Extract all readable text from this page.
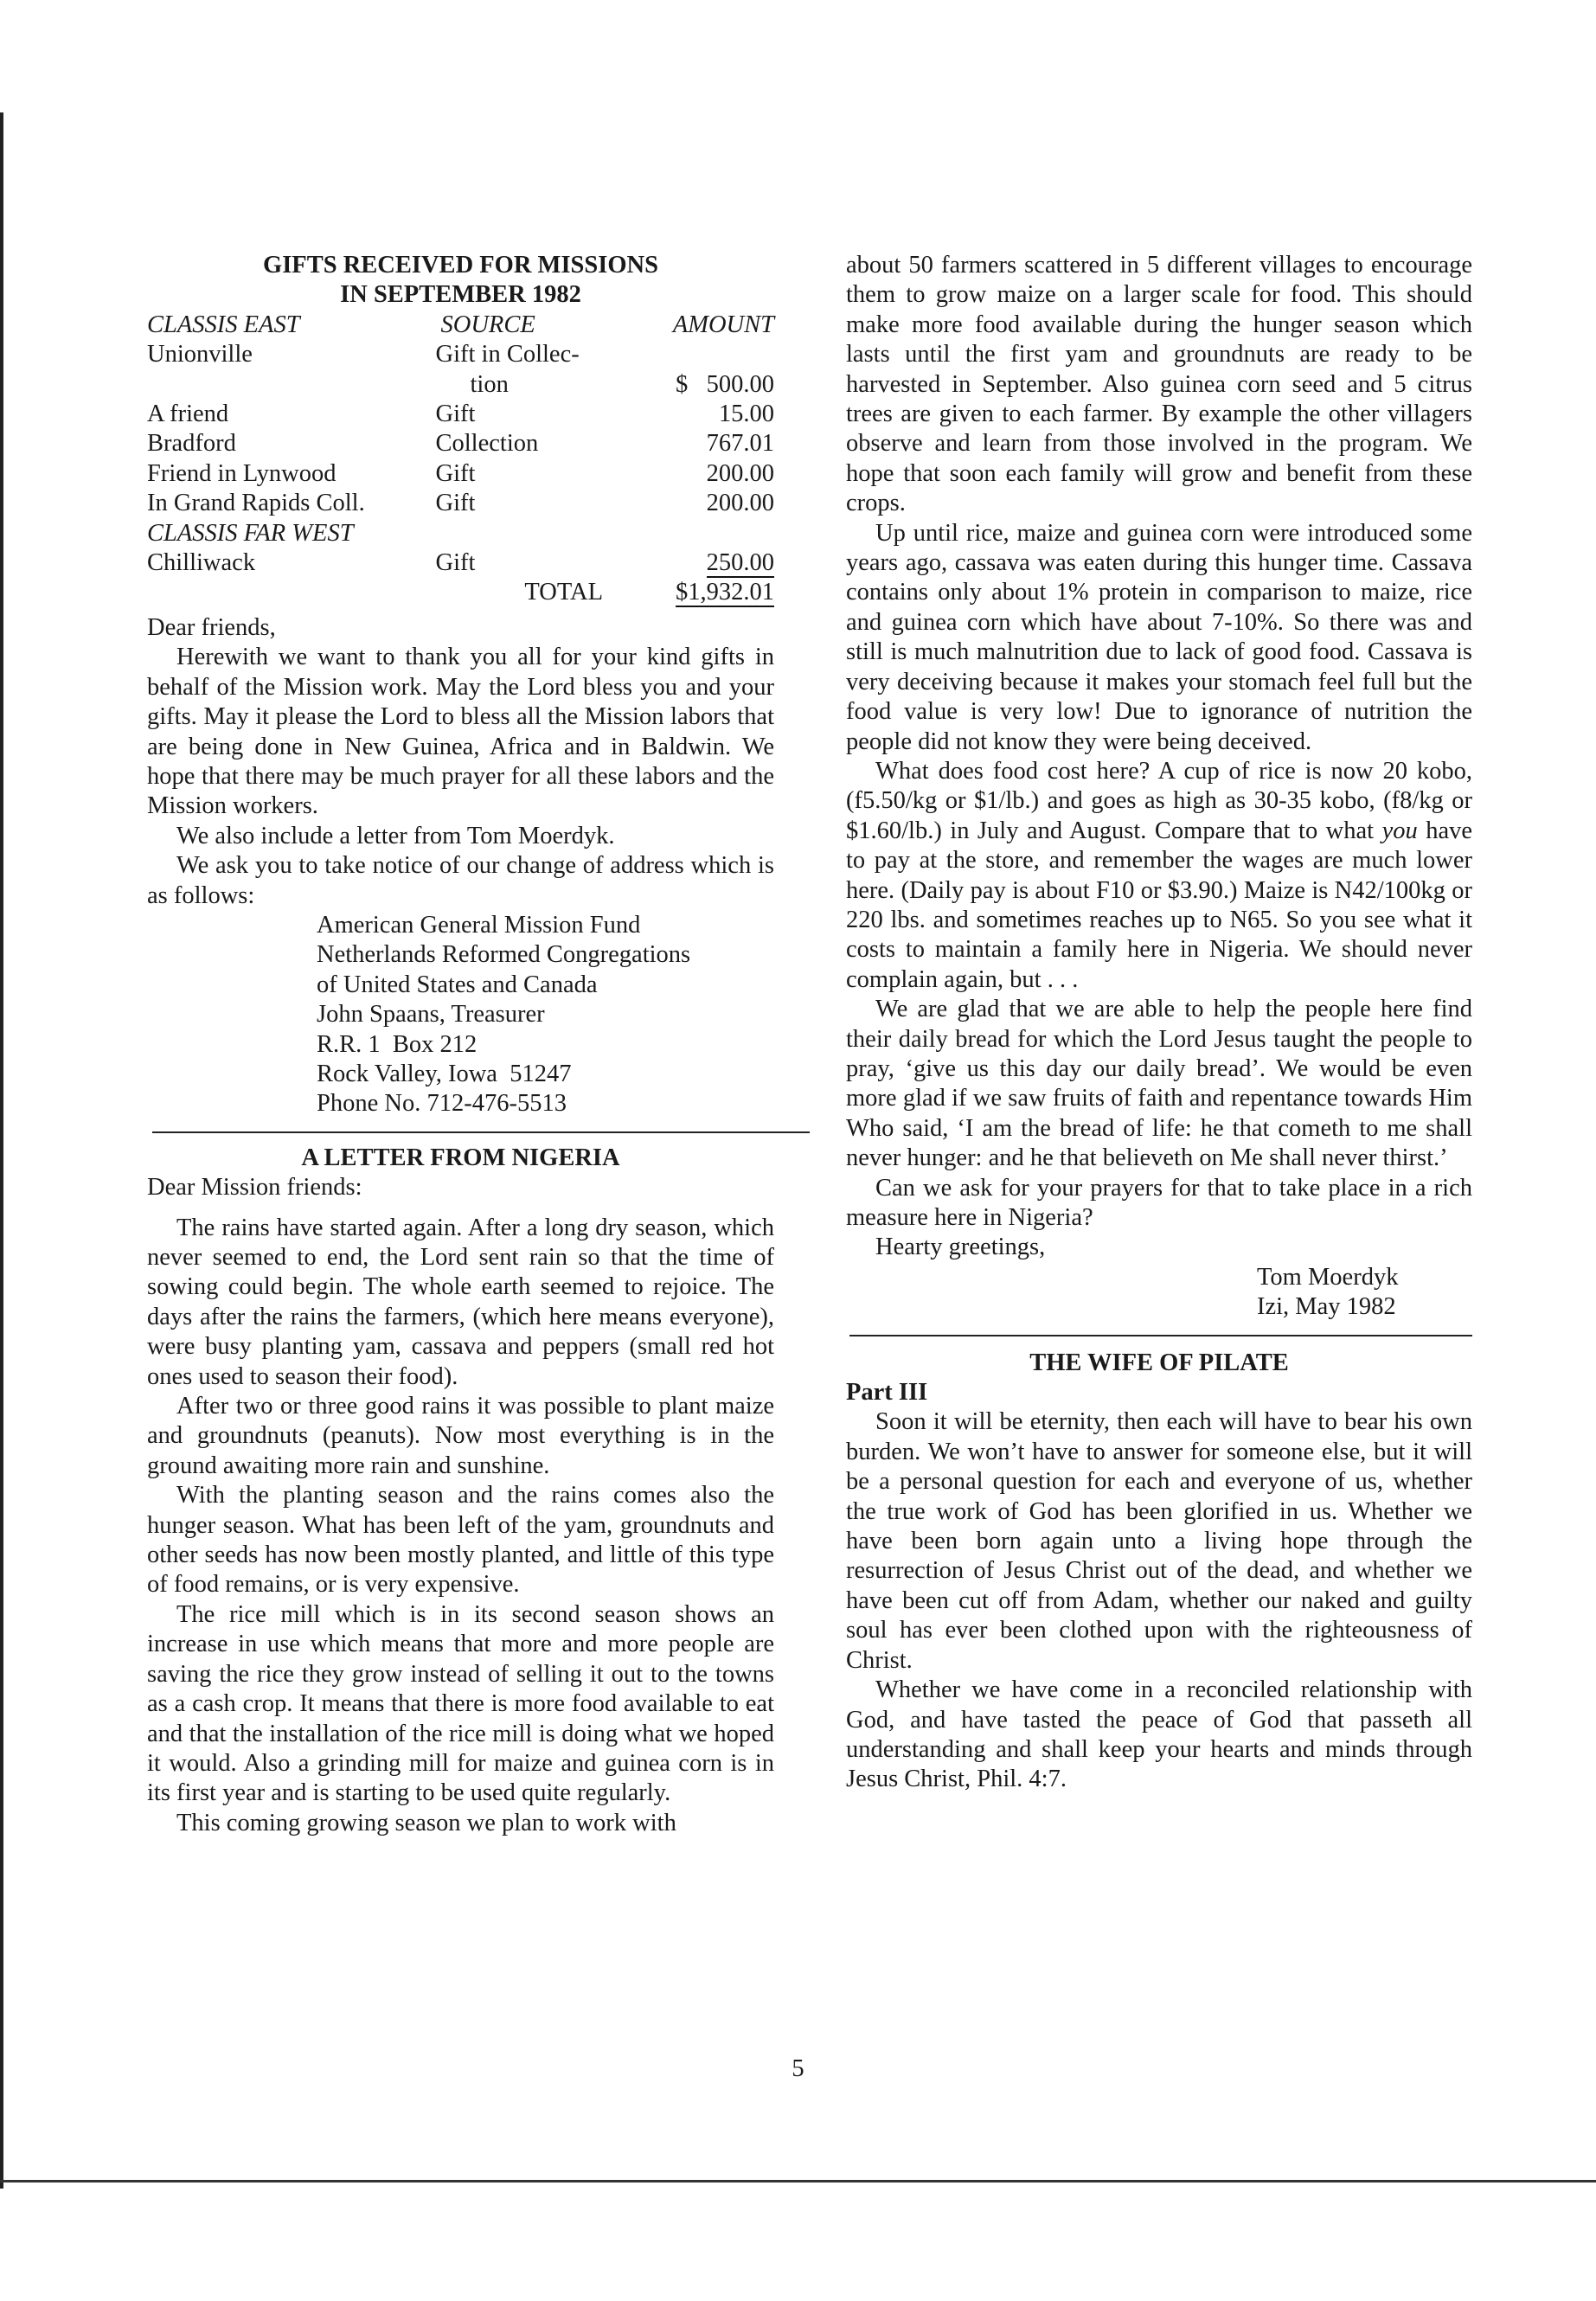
GIFTS RECEIVED FOR MISSIONS
IN SEPTEMBER 1982
CLASSIS EAST	SOURCE	AMOUNT
Unionville	Gift in Collec-	
	tion	$   500.00
A friend	Gift	15.00
Bradford	Collection	767.01
Friend in Lynwood	Gift	200.00
In Grand Rapids Coll.	Gift	200.00
CLASSIS FAR WEST		
Chilliwack	Gift	250.00
	TOTAL	$1,932.01

Dear friends,

Herewith we want to thank you all for your kind gifts in behalf of the Mission work. May the Lord bless you and your gifts. May it please the Lord to bless all the Mission labors that are being done in New Guinea, Africa and in Baldwin. We hope that there may be much prayer for all these labors and the Mission workers.

We also include a letter from Tom Moerdyk.

We ask you to take notice of our change of address which is as follows:

American General Mission Fund
Netherlands Reformed Congregations
of United States and Canada
John Spaans, Treasurer
R.R. 1  Box 212
Rock Valley, Iowa  51247
Phone No. 712-476-5513
A LETTER FROM NIGERIA

Dear Mission friends:

The rains have started again. After a long dry season, which never seemed to end, the Lord sent rain so that the time of sowing could begin. The whole earth seemed to rejoice. The days after the rains the farmers, (which here means everyone), were busy planting yam, cassava and peppers (small red hot ones used to season their food).

After two or three good rains it was possible to plant maize and groundnuts (peanuts). Now most everything is in the ground awaiting more rain and sunshine.

With the planting season and the rains comes also the hunger season. What has been left of the yam, groundnuts and other seeds has now been mostly planted, and little of this type of food remains, or is very expensive.

The rice mill which is in its second season shows an increase in use which means that more and more people are saving the rice they grow instead of selling it out to the towns as a cash crop. It means that there is more food available to eat and that the installation of the rice mill is doing what we hoped it would. Also a grinding mill for maize and guinea corn is in its first year and is starting to be used quite regularly.

This coming growing season we plan to work with

about 50 farmers scattered in 5 different villages to encourage them to grow maize on a larger scale for food. This should make more food available during the hunger season which lasts until the first yam and groundnuts are ready to be harvested in September. Also guinea corn seed and 5 citrus trees are given to each farmer. By example the other villagers observe and learn from those involved in the program. We hope that soon each family will grow and benefit from these crops.

Up until rice, maize and guinea corn were introduced some years ago, cassava was eaten during this hunger time. Cassava contains only about 1% protein in comparison to maize, rice and guinea corn which have about 7-10%. So there was and still is much malnutrition due to lack of good food. Cassava is very deceiving because it makes your stomach feel full but the food value is very low! Due to ignorance of nutrition the people did not know they were being deceived.

What does food cost here? A cup of rice is now 20 kobo, (f5.50/kg or $1/lb.) and goes as high as 30-35 kobo, (f8/kg or $1.60/lb.) in July and August. Compare that to what you have to pay at the store, and remember the wages are much lower here. (Daily pay is about F10 or $3.90.) Maize is N42/100kg or 220 lbs. and sometimes reaches up to N65. So you see what it costs to maintain a family here in Nigeria. We should never complain again, but . . .

We are glad that we are able to help the people here find their daily bread for which the Lord Jesus taught the people to pray, ‘give us this day our daily bread’. We would be even more glad if we saw fruits of faith and repentance towards Him Who said, ‘I am the bread of life: he that cometh to me shall never hunger: and he that believeth on Me shall never thirst.’

Can we ask for your prayers for that to take place in a rich measure here in Nigeria?

Hearty greetings,

Tom Moerdyk
Izi, May 1982
THE WIFE OF PILATE

Part III

Soon it will be eternity, then each will have to bear his own burden. We won’t have to answer for someone else, but it will be a personal question for each and everyone of us, whether the true work of God has been glorified in us. Whether we have been born again unto a living hope through the resurrection of Jesus Christ out of the dead, and whether we have been cut off from Adam, whether our naked and guilty soul has ever been clothed upon with the righteousness of Christ.

Whether we have come in a reconciled relationship with God, and have tasted the peace of God that passeth all understanding and shall keep your hearts and minds through Jesus Christ, Phil. 4:7.

5
